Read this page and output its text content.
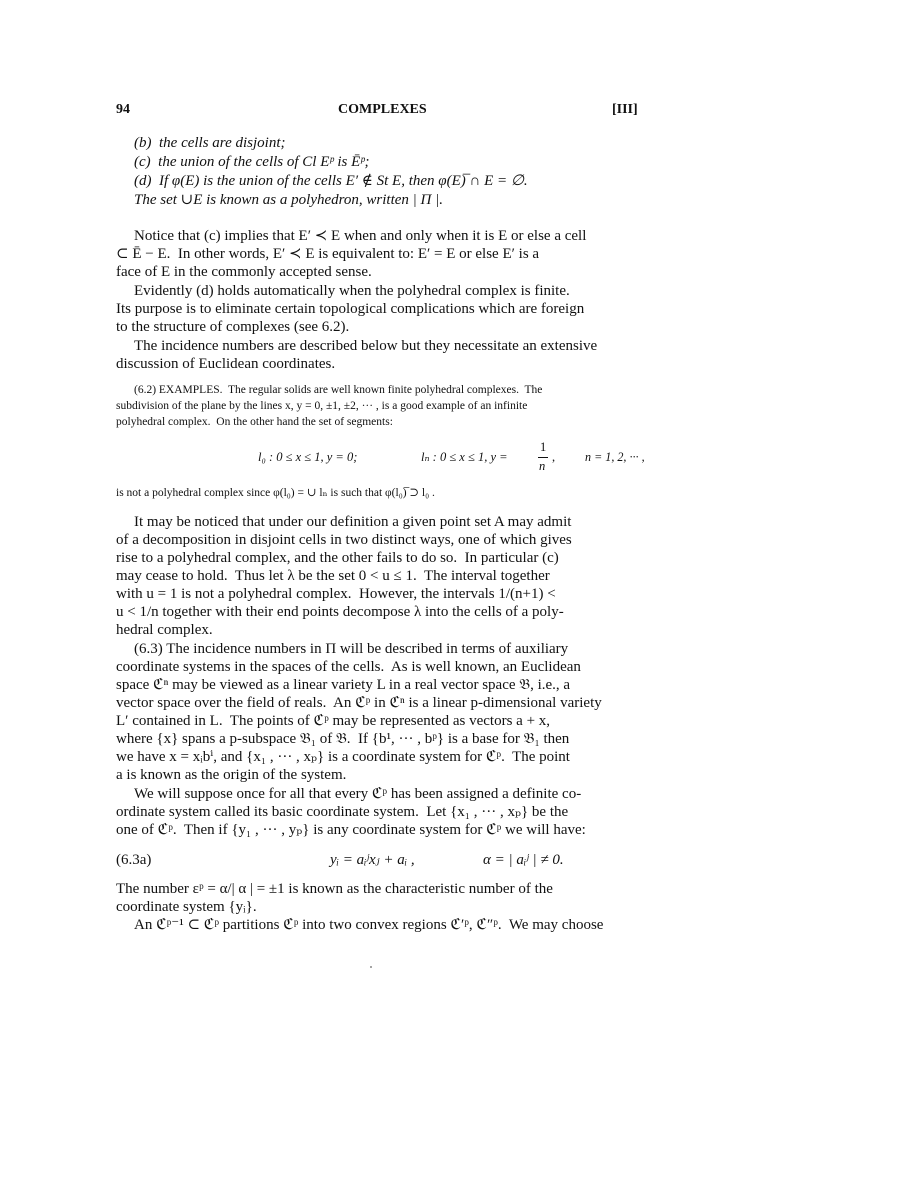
94	COMPLEXES	[III]
(b)  the cells are disjoint;
(c)  the union of the cells of Cl Eᵖ is Ēᵖ;
(d)  If φ(E) is the union of the cells E′ ∉ St E, then φ(E)̅ ∩ E = ∅.
The set ∪E is known as a polyhedron, written | Π |.
Notice that (c) implies that E′ ≺ E when and only when it is E or else a cell
⊂ Ē − E.  In other words, E′ ≺ E is equivalent to: E′ = E or else E′ is a
face of E in the commonly accepted sense.
Evidently (d) holds automatically when the polyhedral complex is finite.
Its purpose is to eliminate certain topological complications which are foreign
to the structure of complexes (see 6.2).
The incidence numbers are described below but they necessitate an extensive
discussion of Euclidean coordinates.
(6.2) EXAMPLES.  The regular solids are well known finite polyhedral complexes.  The
subdivision of the plane by the lines x, y = 0, ±1, ±2, ··· , is a good example of an infinite
polyhedral complex.  On the other hand the set of segments:
l₀ : 0 ≤ x ≤ 1, y = 0;	lₙ : 0 ≤ x ≤ 1, y =
1
n
, n = 1, 2, ··· ,
is not a polyhedral complex since φ(l₀) = ∪ lₙ is such that φ(l₀)̅ ⊃ l₀ .
It may be noticed that under our definition a given point set A may admit
of a decomposition in disjoint cells in two distinct ways, one of which gives
rise to a polyhedral complex, and the other fails to do so.  In particular (c)
may cease to hold.  Thus let λ be the set 0 < u ≤ 1.  The interval together
with u = 1 is not a polyhedral complex.  However, the intervals 1/(n+1) <
u < 1/n together with their end points decompose λ into the cells of a poly-
hedral complex.
(6.3) The incidence numbers in Π will be described in terms of auxiliary
coordinate systems in the spaces of the cells.  As is well known, an Euclidean
space ℭⁿ may be viewed as a linear variety L in a real vector space 𝔅, i.e., a
vector space over the field of reals.  An ℭᵖ in ℭⁿ is a linear p-dimensional variety
L′ contained in L.  The points of ℭᵖ may be represented as vectors a + x,
where {x} spans a p-subspace 𝔅₁ of 𝔅.  If {b¹, ··· , bᵖ} is a base for 𝔅₁ then
we have x = xᵢbⁱ, and {x₁ , ··· , xₚ} is a coordinate system for ℭᵖ.  The point
a is known as the origin of the system.
We will suppose once for all that every ℭᵖ has been assigned a definite co-
ordinate system called its basic coordinate system.  Let {x₁ , ··· , xₚ} be the
one of ℭᵖ.  Then if {y₁ , ··· , yₚ} is any coordinate system for ℭᵖ we will have:
(6.3a)	yᵢ = aᵢʲxⱼ + aᵢ ,	α = | aᵢʲ | ≠ 0.
The number εᵖ = α/| α | = ±1 is known as the characteristic number of the
coordinate system {yᵢ}.
An ℭᵖ⁻¹ ⊂ ℭᵖ partitions ℭᵖ into two convex regions ℭ′ᵖ, ℭ″ᵖ.  We may choose
